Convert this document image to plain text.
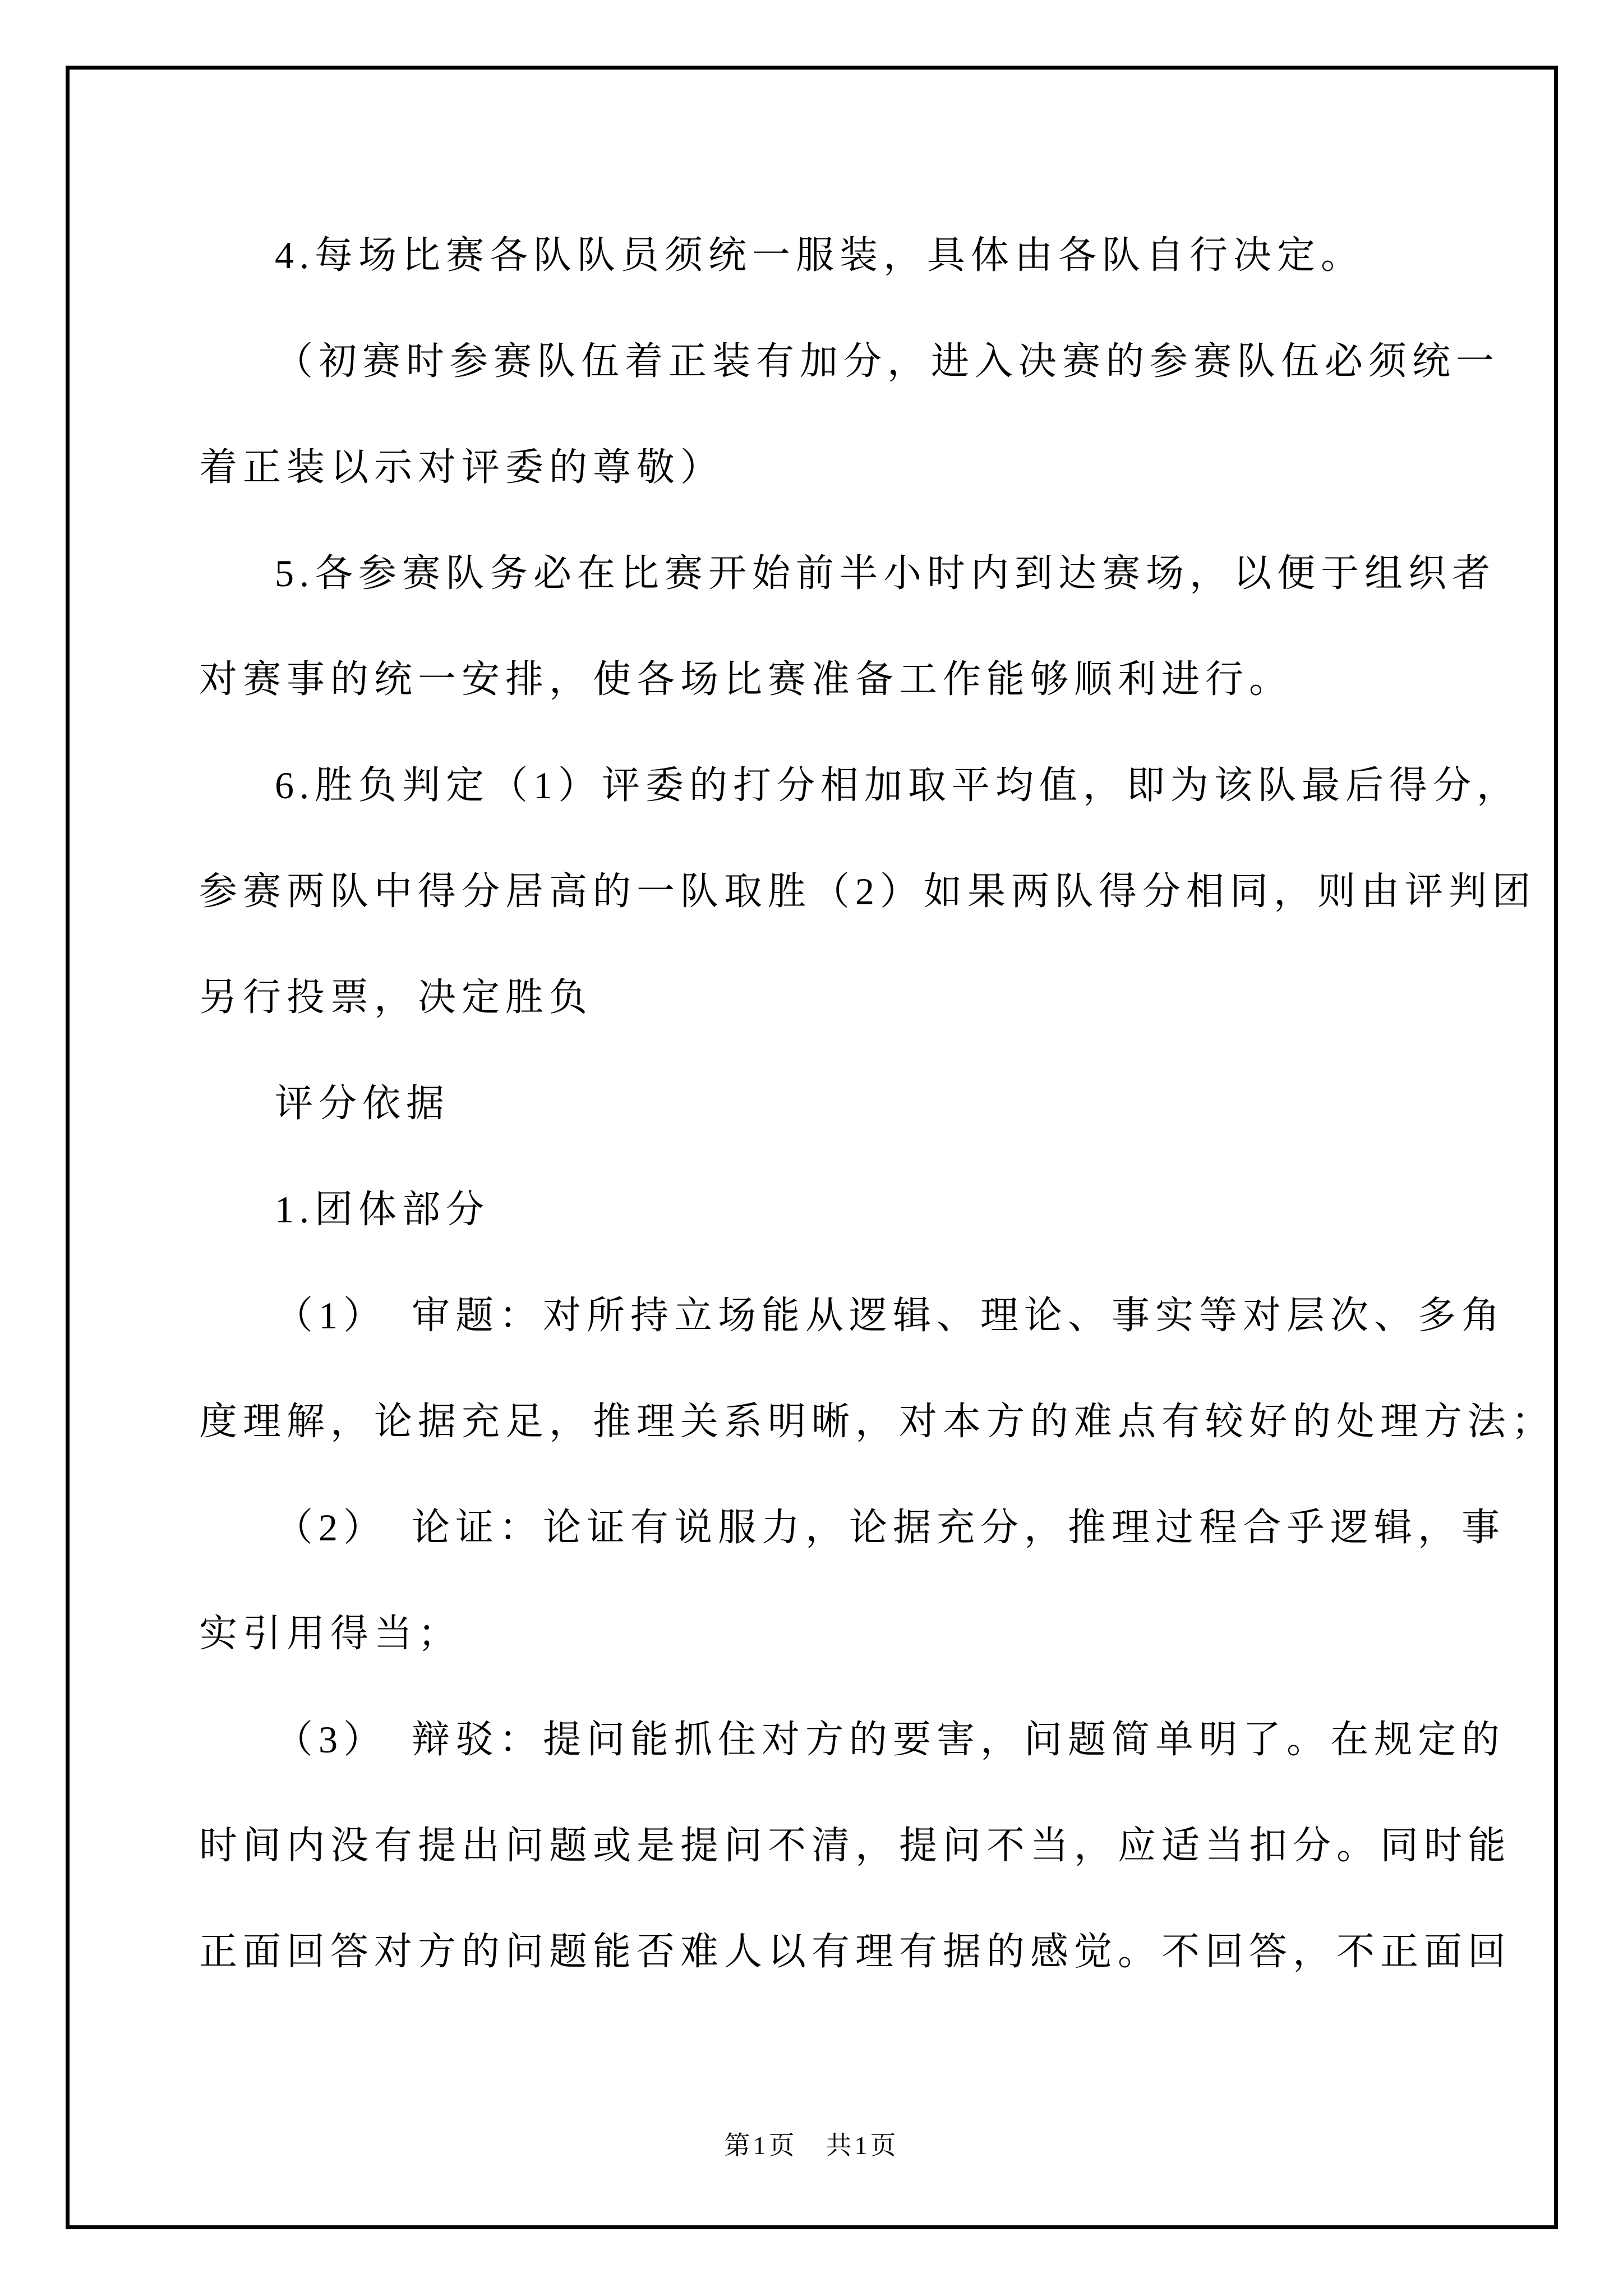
4.每场比赛各队队员须统一服装，具体由各队自行决定。
（初赛时参赛队伍着正装有加分，进入决赛的参赛队伍必须统一
着正装以示对评委的尊敬）
5.各参赛队务必在比赛开始前半小时内到达赛场，以便于组织者
对赛事的统一安排，使各场比赛准备工作能够顺利进行。
6.胜负判定（1）评委的打分相加取平均值，即为该队最后得分，
参赛两队中得分居高的一队取胜（2）如果两队得分相同，则由评判团
另行投票，决定胜负
评分依据
1.团体部分
（1）　审题：对所持立场能从逻辑、理论、事实等对层次、多角
度理解，论据充足，推理关系明晰，对本方的难点有较好的处理方法；
（2）　论证：论证有说服力，论据充分，推理过程合乎逻辑，事
实引用得当；
（3）　辩驳：提问能抓住对方的要害，问题简单明了。在规定的
时间内没有提出问题或是提问不清，提问不当，应适当扣分。同时能
正面回答对方的问题能否难人以有理有据的感觉。不回答，不正面回
第1页　共1页
